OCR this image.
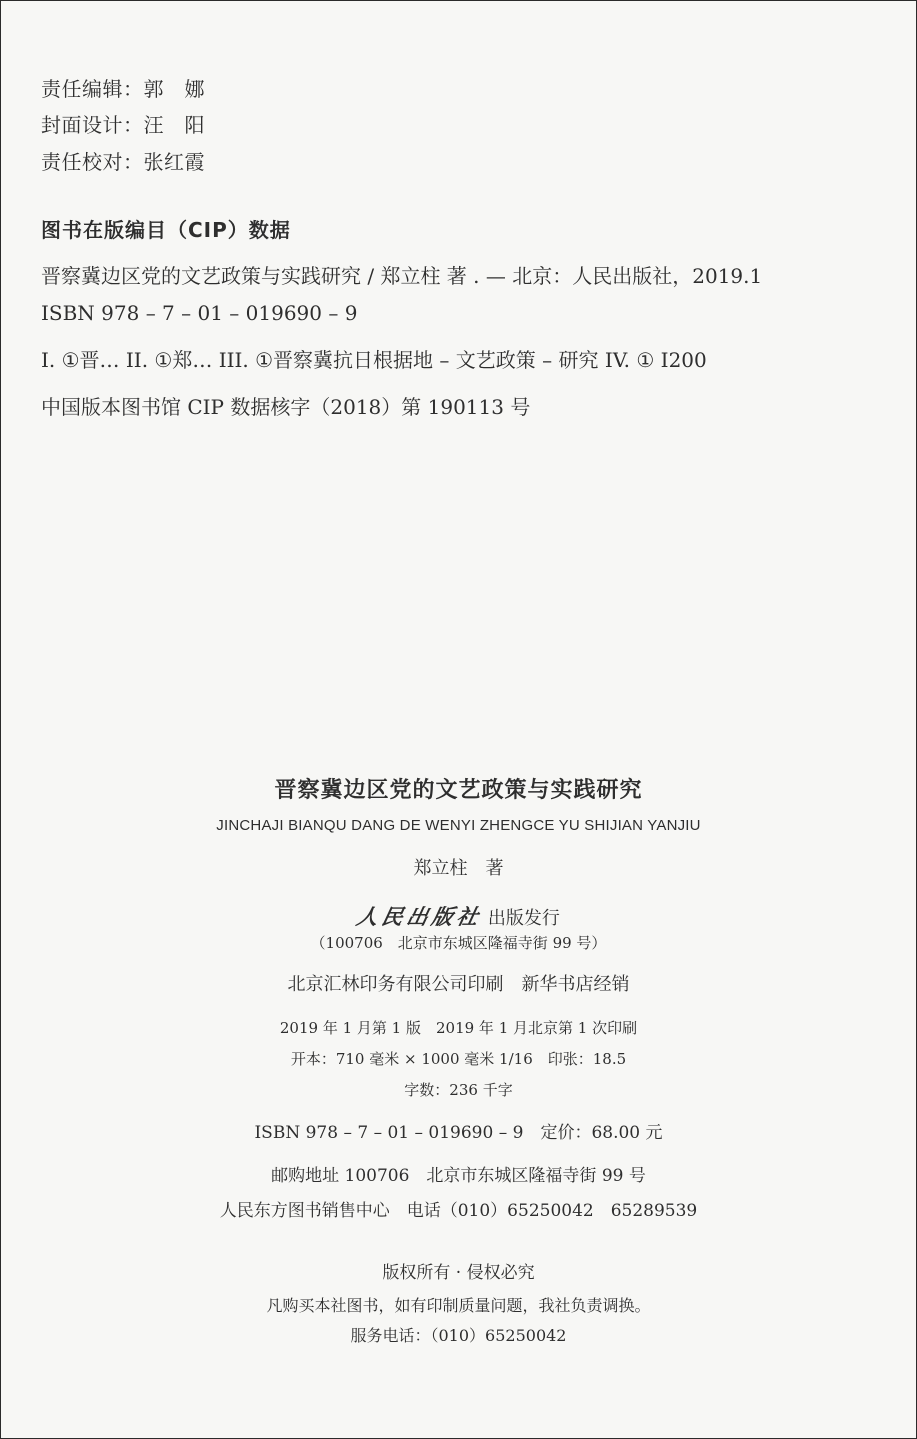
责任编辑：郭　娜
封面设计：汪　阳
责任校对：张红霞
图书在版编目（CIP）数据
晋察冀边区党的文艺政策与实践研究 / 郑立柱 著 . — 北京：人民出版社，2019.1
ISBN 978 – 7 – 01 – 019690 – 9
I. ①晋… II. ①郑… III. ①晋察冀抗日根据地 – 文艺政策 – 研究 IV. ① I200
中国版本图书馆 CIP 数据核字（2018）第 190113 号
晋察冀边区党的文艺政策与实践研究
JINCHAJI BIANQU DANG DE WENYI ZHENGCE YU SHIJIAN YANJIU
郑立柱　著
人民出版社 出版发行
（100706　北京市东城区隆福寺街 99 号）
北京汇林印务有限公司印刷　新华书店经销
2019 年 1 月第 1 版　2019 年 1 月北京第 1 次印刷
开本：710 毫米 × 1000 毫米 1/16　印张：18.5
字数：236 千字
ISBN 978 – 7 – 01 – 019690 – 9　定价：68.00 元
邮购地址 100706　北京市东城区隆福寺街 99 号
人民东方图书销售中心　电话（010）65250042　65289539
版权所有 · 侵权必究
凡购买本社图书，如有印制质量问题，我社负责调换。
服务电话：（010）65250042
